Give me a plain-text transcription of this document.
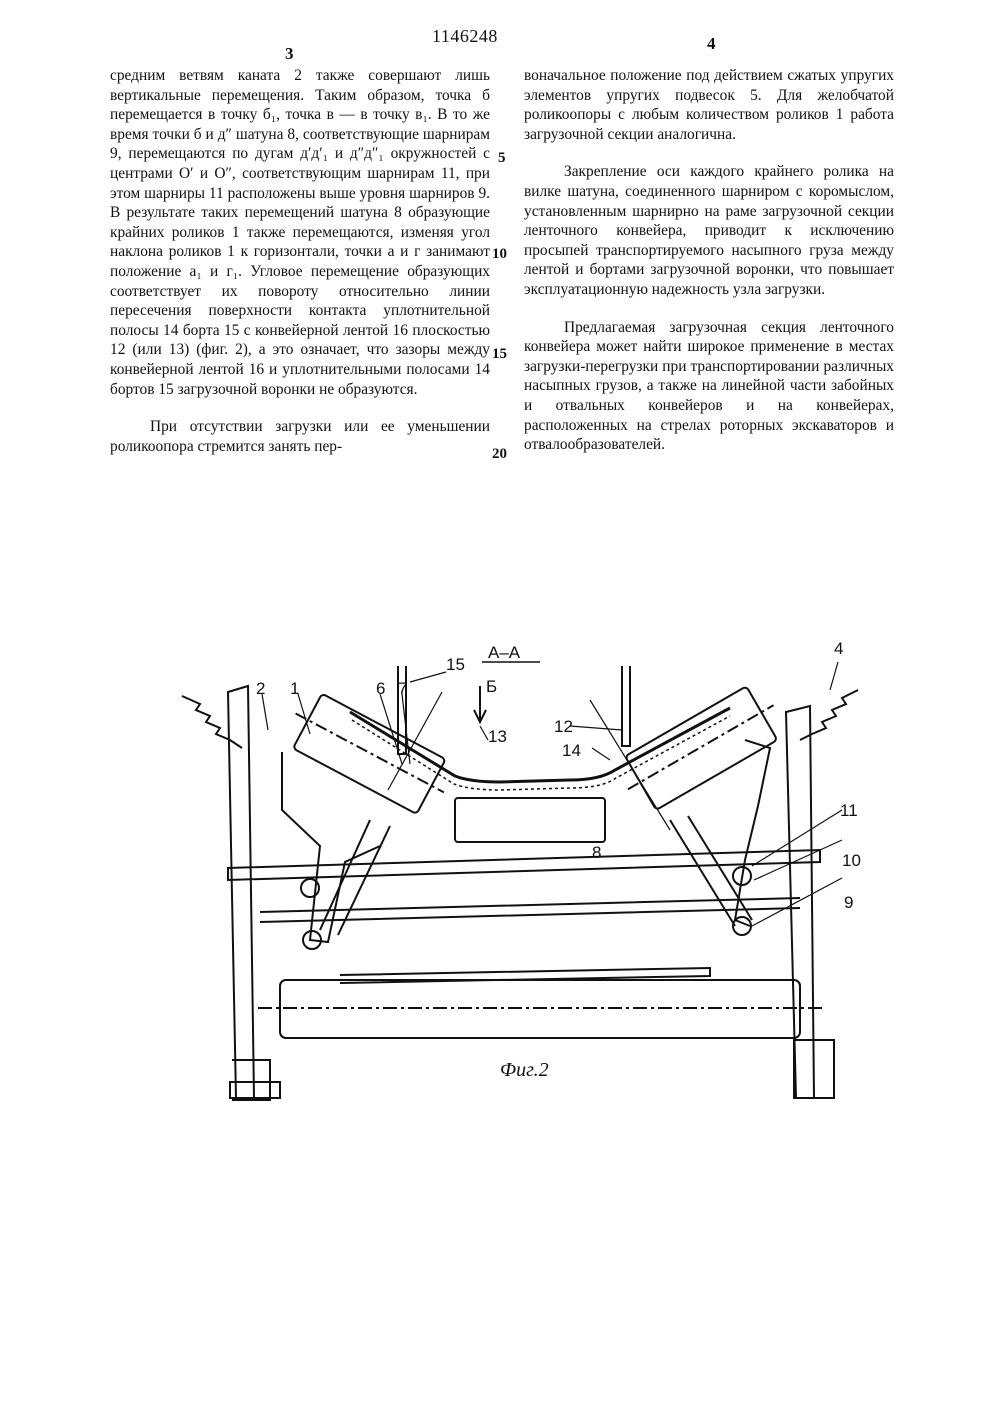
3
1146248	4

средним ветвям каната 2 также совершают лишь вертикальные перемещения. Таким образом, точка б перемещается в точку б₁, точка в — в точку в₁. В то же время точки б и д″ шатуна 8, соответствующие шарнирам 9, перемещаются по дугам д′д′₁ и д″д″₁ окружностей с центрами О′ и О″, соответствующим шарнирам 11, при этом шарниры 11 расположены выше уровня шарниров 9. В результате таких перемещений шатуна 8 образующие крайних роликов 1 также перемещаются, изменяя угол наклона роликов 1 к горизонтали, точки а и г занимают положение а₁ и г₁. Угловое перемещение образующих соответствует их повороту относительно линии пересечения поверхности контакта уплотнительной полосы 14 борта 15 с конвейерной лентой 16 плоскостью 12 (или 13) (фиг. 2), а это означает, что зазоры между конвейерной лентой 16 и уплотнительными полосами 14 бортов 15 загрузочной воронки не образуются.

При отсутствии загрузки или ее уменьшении роликоопора стремится занять пер-

воначальное положение под действием сжатых упругих элементов упругих подвесок 5. Для желобчатой роликоопоры с любым количеством роликов 1 работа загрузочной секции аналогична.

Закрепление оси каждого крайнего ролика на вилке шатуна, соединенного шарниром с коромыслом, установленным шарнирно на раме загрузочной секции ленточного конвейера, приводит к исключению просыпей транспортируемого насыпного груза между лентой и бортами загрузочной воронки, что повышает эксплуатационную надежность узла загрузки.

Предлагаемая загрузочная секция ленточного конвейера может найти широкое применение в местах загрузки-перегрузки при транспортировании различных насыпных грузов, а также на линейной части забойных и отвальных конвейеров и на конвейерах, расположенных на стрелах роторных экскаваторов и отвалообразователей.

5
10
15
20
А–А
Б
1
2
4
6 7
8
9
10
11
12
13
14
15
Фиг.2
